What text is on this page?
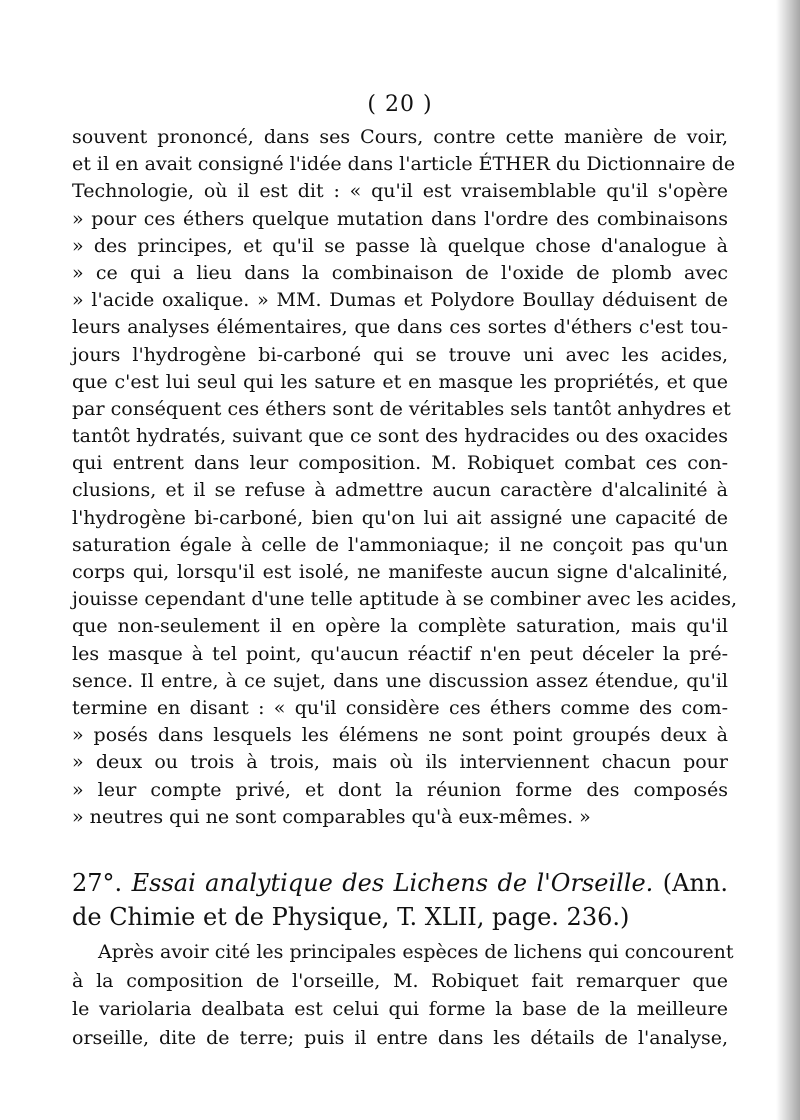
( 20 )
souvent prononcé, dans ses Cours, contre cette manière de voir,
et il en avait consigné l'idée dans l'article ÉTHER du Dictionnaire de
Technologie, où il est dit : « qu'il est vraisemblable qu'il s'opère
» pour ces éthers quelque mutation dans l'ordre des combinaisons
» des principes, et qu'il se passe là quelque chose d'analogue à
» ce qui a lieu dans la combinaison de l'oxide de plomb avec
» l'acide oxalique. » MM. Dumas et Polydore Boullay déduisent de
leurs analyses élémentaires, que dans ces sortes d'éthers c'est tou-
jours l'hydrogène bi-carboné qui se trouve uni avec les acides,
que c'est lui seul qui les sature et en masque les propriétés, et que
par conséquent ces éthers sont de véritables sels tantôt anhydres et
tantôt hydratés, suivant que ce sont des hydracides ou des oxacides
qui entrent dans leur composition. M. Robiquet combat ces con-
clusions, et il se refuse à admettre aucun caractère d'alcalinité à
l'hydrogène bi-carboné, bien qu'on lui ait assigné une capacité de
saturation égale à celle de l'ammoniaque; il ne conçoit pas qu'un
corps qui, lorsqu'il est isolé, ne manifeste aucun signe d'alcalinité,
jouisse cependant d'une telle aptitude à se combiner avec les acides,
que non-seulement il en opère la complète saturation, mais qu'il
les masque à tel point, qu'aucun réactif n'en peut déceler la pré-
sence. Il entre, à ce sujet, dans une discussion assez étendue, qu'il
termine en disant : « qu'il considère ces éthers comme des com-
» posés dans lesquels les élémens ne sont point groupés deux à
» deux ou trois à trois, mais où ils interviennent chacun pour
» leur compte privé, et dont la réunion forme des composés
» neutres qui ne sont comparables qu'à eux-mêmes. »
27°. Essai analytique des Lichens de l'Orseille. (Ann.
de Chimie et de Physique, T. XLII, page. 236.)
Après avoir cité les principales espèces de lichens qui concourent
à la composition de l'orseille, M. Robiquet fait remarquer que
le variolaria dealbata est celui qui forme la base de la meilleure
orseille, dite de terre; puis il entre dans les détails de l'analyse,
